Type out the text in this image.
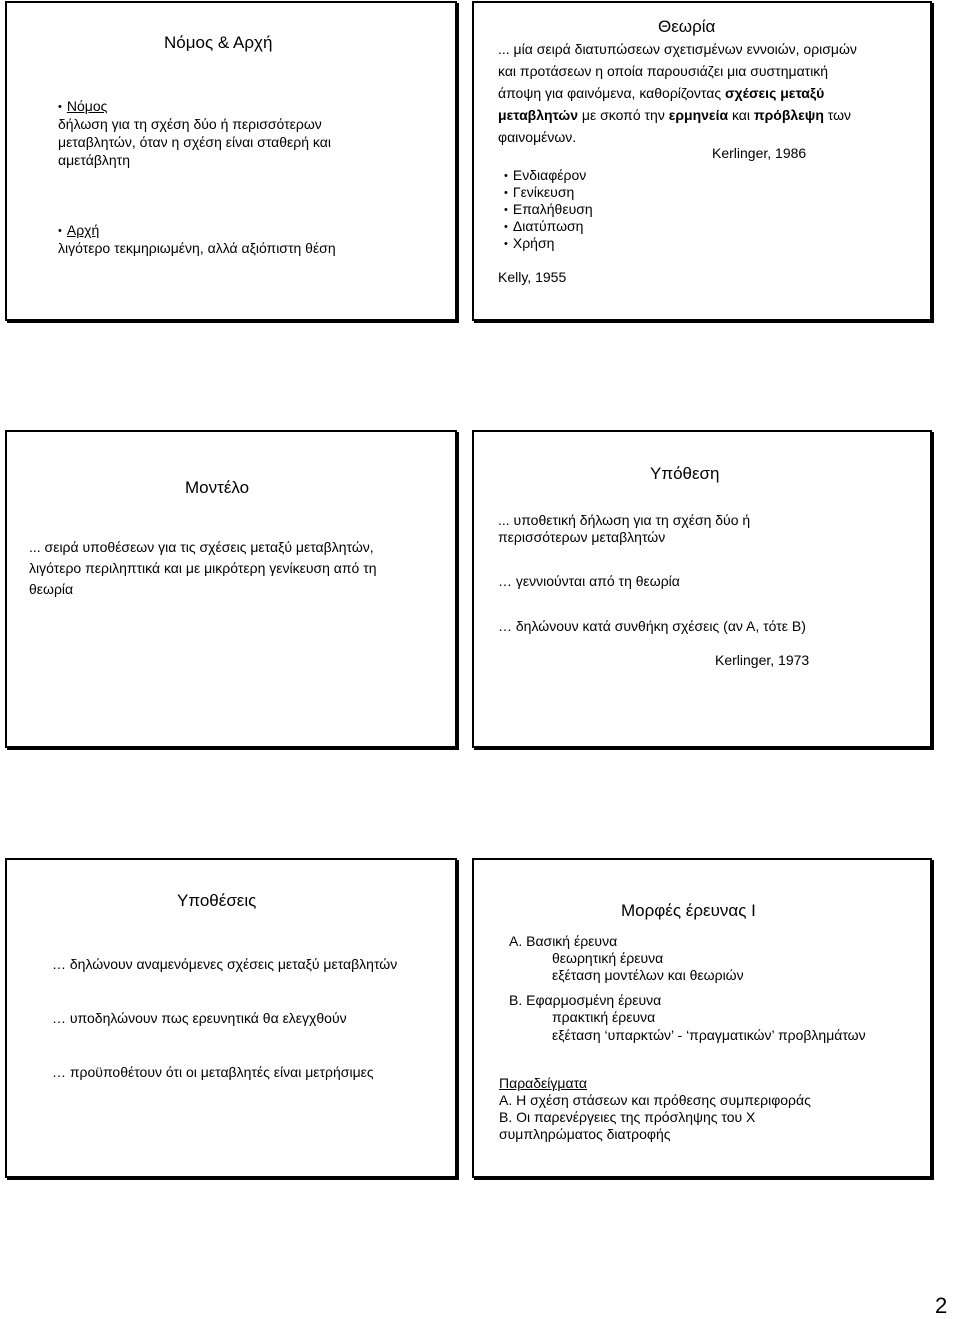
Νόμος & Αρχή
• Νόμος
δήλωση για τη σχέση δύο ή περισσότερων
μεταβλητών, όταν η σχέση είναι σταθερή και
αμετάβλητη
• Αρχή
λιγότερο τεκμηριωμένη, αλλά αξιόπιστη θέση
Θεωρία
... μία σειρά διατυπώσεων σχετισμένων εννοιών, ορισμών
και προτάσεων η οποία παρουσιάζει μια συστηματική
άποψη για φαινόμενα, καθορίζοντας σχέσεις μεταξύ
μεταβλητών με σκοπό την ερμηνεία και πρόβλεψη των
φαινομένων.
Kerlinger, 1986
• Ενδιαφέρον
• Γενίκευση
• Επαλήθευση
• Διατύπωση
• Χρήση
Kelly, 1955
Μοντέλο
... σειρά υποθέσεων για τις σχέσεις μεταξύ μεταβλητών,
λιγότερο περιληπτικά και με μικρότερη γενίκευση από τη
θεωρία
Υπόθεση
... υποθετική δήλωση για τη σχέση δύο ή
περισσότερων μεταβλητών
… γεννιούνται από τη θεωρία
… δηλώνουν κατά συνθήκη σχέσεις (αν Α, τότε Β)
Kerlinger, 1973
Υποθέσεις
… δηλώνουν αναμενόμενες σχέσεις μεταξύ μεταβλητών
… υποδηλώνουν πως ερευνητικά θα ελεγχθούν
… προϋποθέτουν ότι οι μεταβλητές είναι μετρήσιμες
Μορφές έρευνας Ι
Α. Βασική έρευνα
θεωρητική έρευνα
εξέταση μοντέλων και θεωριών
Β. Εφαρμοσμένη έρευνα
πρακτική έρευνα
εξέταση ‘υπαρκτών’ - ‘πραγματικών’ προβλημάτων
Παραδείγματα
Α. Η σχέση στάσεων και πρόθεσης συμπεριφοράς
Β. Οι παρενέργειες της πρόσληψης του Χ
συμπληρώματος διατροφής
2
